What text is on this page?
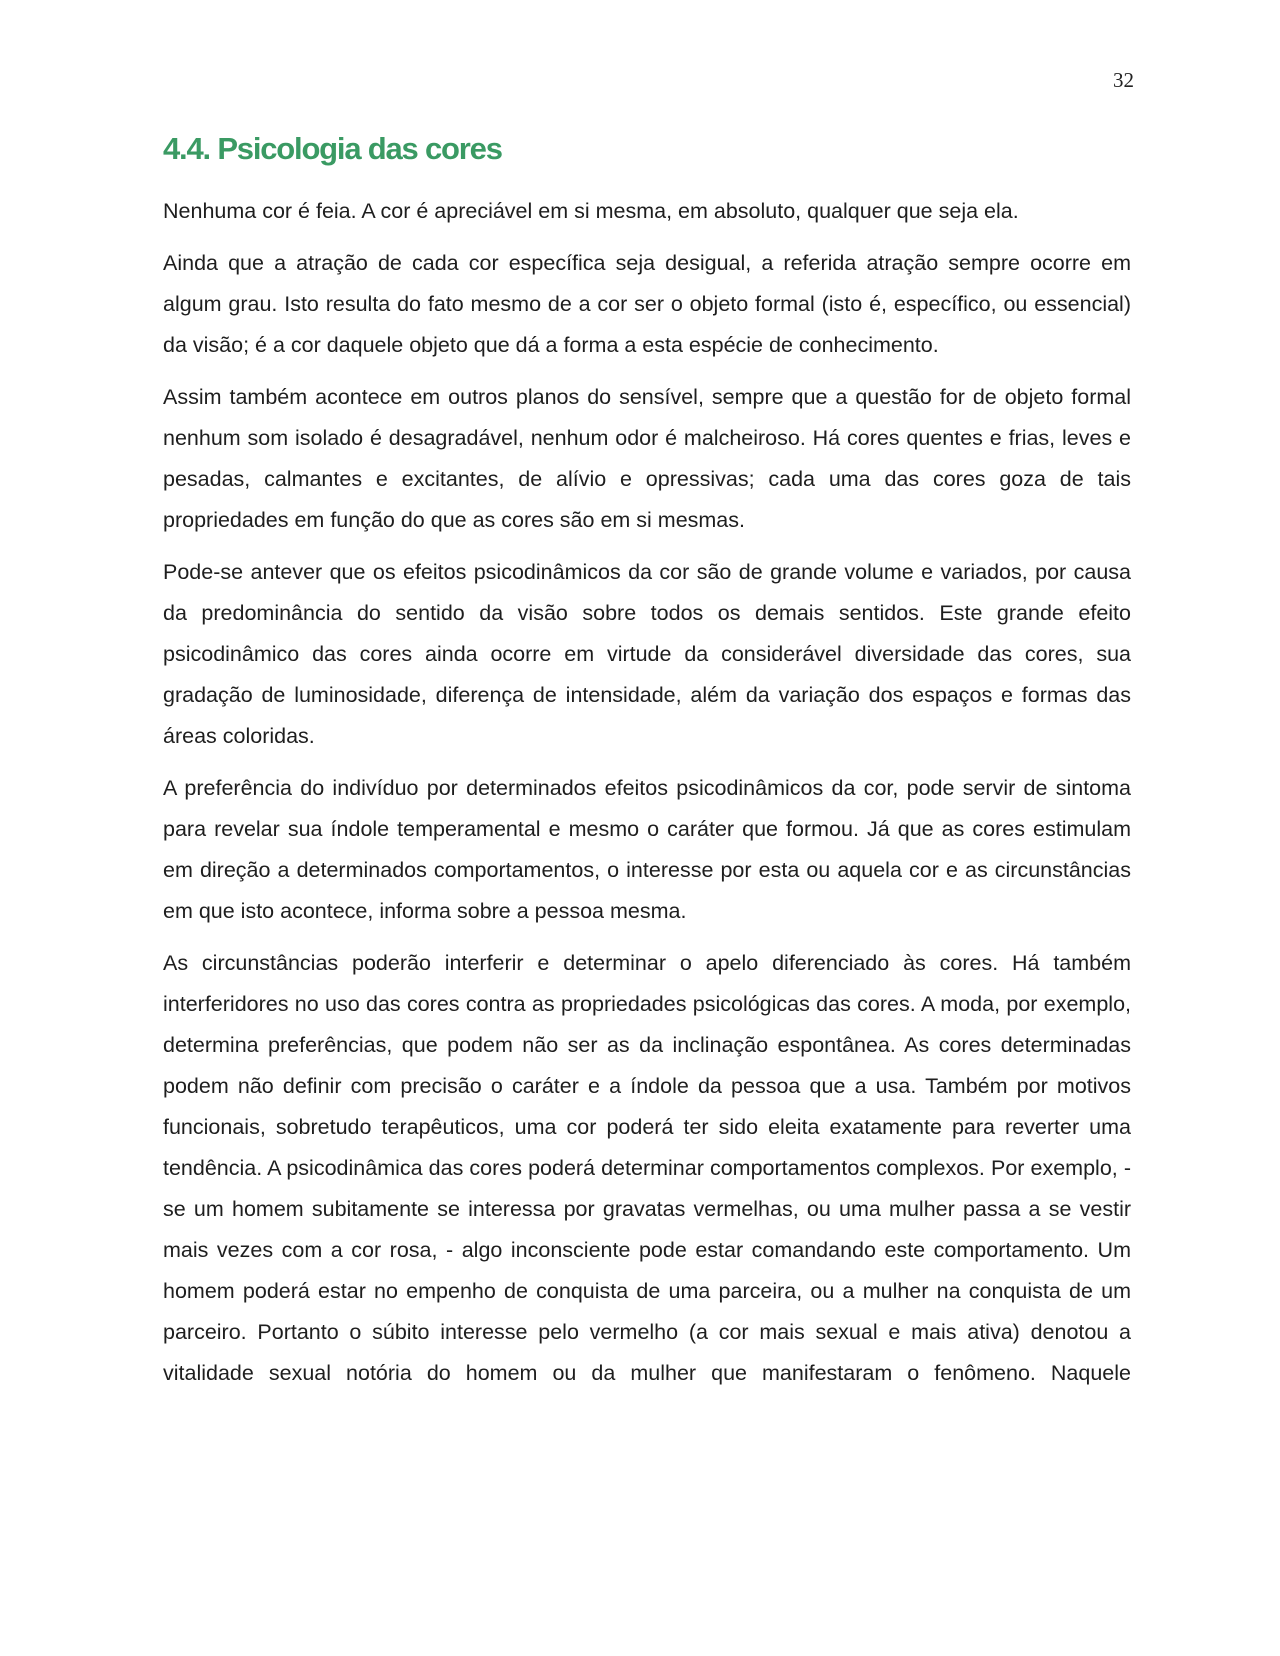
32
4.4. Psicologia das cores

Nenhuma cor é feia. A cor é apreciável em si mesma, em absoluto, qualquer que seja ela.

Ainda que a atração de cada cor específica seja desigual, a referida atração sempre ocorre em algum grau. Isto resulta do fato mesmo de a cor ser o objeto formal (isto é, específico, ou essencial) da visão; é a cor daquele objeto que dá a forma a esta espécie de conhecimento.

Assim também acontece em outros planos do sensível, sempre que a questão for de objeto formal nenhum som isolado é desagradável, nenhum odor é malcheiroso. Há cores quentes e frias, leves e pesadas, calmantes e excitantes, de alívio e opressivas; cada uma das cores goza de tais propriedades em função do que as cores são em si mesmas.

Pode-se antever que os efeitos psicodinâmicos da cor são de grande volume e variados, por causa da predominância do sentido da visão sobre todos os demais sentidos. Este grande efeito psicodinâmico das cores ainda ocorre em virtude da considerável diversidade das cores, sua gradação de luminosidade, diferença de intensidade, além da variação dos espaços e formas das áreas coloridas.

A preferência do indivíduo por determinados efeitos psicodinâmicos da cor, pode servir de sintoma para revelar sua índole temperamental e mesmo o caráter que formou. Já que as cores estimulam em direção a determinados comportamentos, o interesse por esta ou aquela cor e as circunstâncias em que isto acontece, informa sobre a pessoa mesma.

As circunstâncias poderão interferir e determinar o apelo diferenciado às cores. Há também interferidores no uso das cores contra as propriedades psicológicas das cores. A moda, por exemplo, determina preferências, que podem não ser as da inclinação espontânea. As cores determinadas podem não definir com precisão o caráter e a índole da pessoa que a usa. Também por motivos funcionais, sobretudo terapêuticos, uma cor poderá ter sido eleita exatamente para reverter uma tendência. A psicodinâmica das cores poderá determinar comportamentos complexos. Por exemplo, - se um homem subitamente se interessa por gravatas vermelhas, ou uma mulher passa a se vestir mais vezes com a cor rosa, - algo inconsciente pode estar comandando este comportamento. Um homem poderá estar no empenho de conquista de uma parceira, ou a mulher na conquista de um parceiro. Portanto o súbito interesse pelo vermelho (a cor mais sexual e mais ativa) denotou a vitalidade sexual notória do homem ou da mulher que manifestaram o fenômeno. Naquele
